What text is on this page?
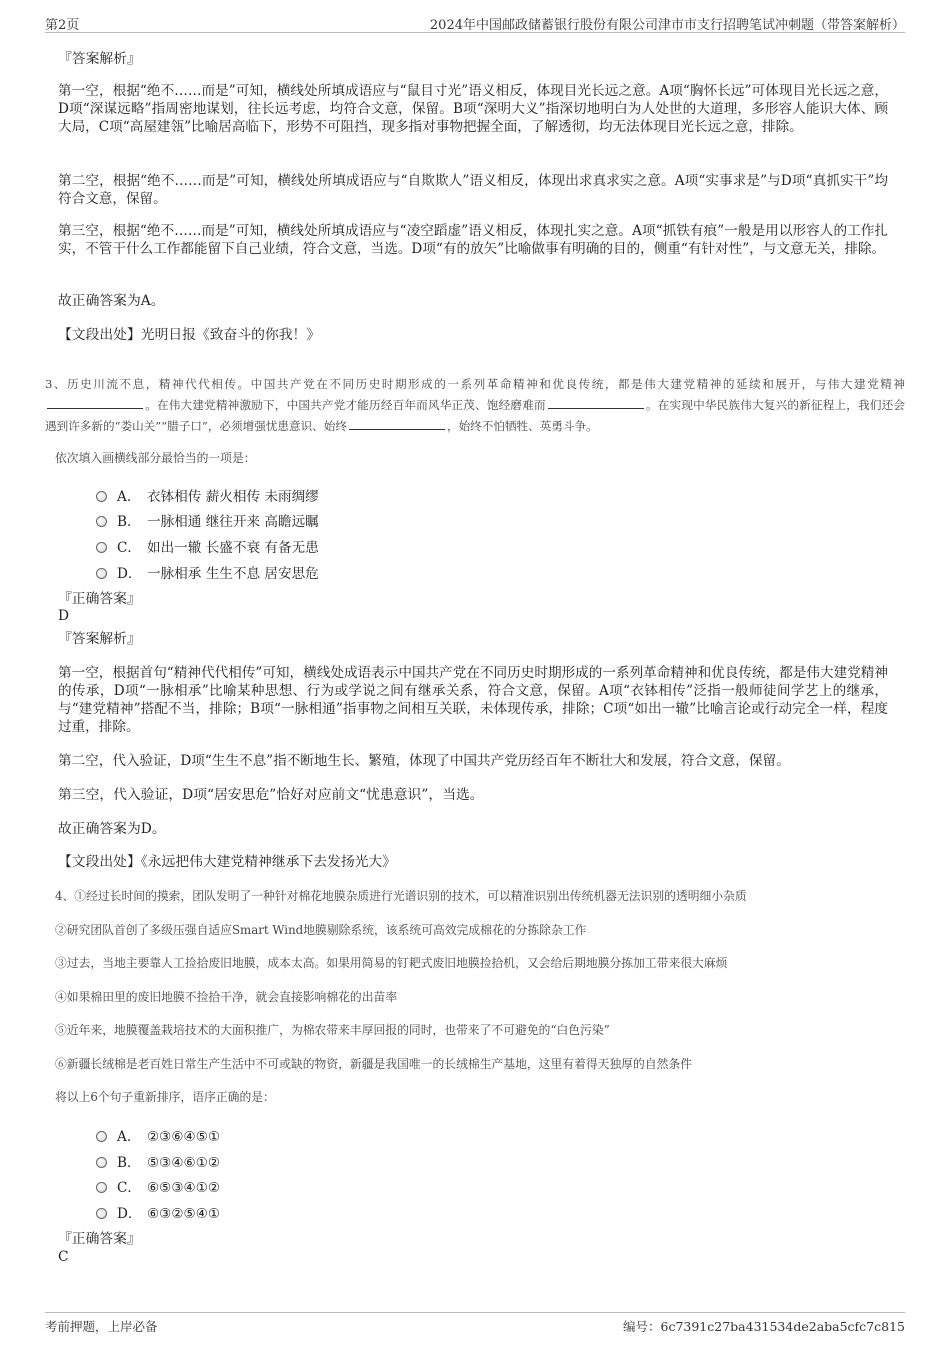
第2页	2024年中国邮政储蓄银行股份有限公司津市市支行招聘笔试冲刺题（带答案解析）
『答案解析』
第一空，根据“绝不……而是”可知，横线处所填成语应与“鼠目寸光”语义相反，体现目光长远之意。A项“胸怀长远”可体现目光长远之意，D项“深谋远略”指周密地谋划，往长远考虑，均符合文意，保留。B项“深明大义”指深切地明白为人处世的大道理，多形容人能识大体、顾大局，C项“高屋建瓴”比喻居高临下，形势不可阻挡，现多指对事物把握全面，了解透彻，均无法体现目光长远之意，排除。
第二空，根据“绝不……而是”可知，横线处所填成语应与“自欺欺人”语义相反，体现出求真求实之意。A项“实事求是”与D项“真抓实干”均符合文意，保留。
第三空，根据“绝不……而是”可知，横线处所填成语应与“凌空蹈虚”语义相反，体现扎实之意。A项“抓铁有痕”一般是用以形容人的工作扎实，不管干什么工作都能留下自己业绩，符合文意，当选。D项“有的放矢”比喻做事有明确的目的，侧重“有针对性”，与文意无关，排除。
故正确答案为A。
【文段出处】光明日报《致奋斗的你我！》
3、历史川流不息，精神代代相传。中国共产党在不同历史时期形成的一系列革命精神和优良传统，都是伟大建党精神的延续和展开，与伟大建党精神。在伟大建党精神激励下，中国共产党才能历经百年而风华正茂、饱经磨难而	。在实现中华民族伟大复兴的新征程上，我们还会遇到许多新的“娄山关”“腊子口”，必须增强忧患意识、始终	，始终不怕牺牲、英勇斗争。
依次填入画横线部分最恰当的一项是：
A． 衣钵相传 薪火相传 未雨绸缪
B． 一脉相通 继往开来 高瞻远瞩
C． 如出一辙 长盛不衰 有备无患
D． 一脉相承 生生不息 居安思危
『正确答案』
D
『答案解析』
第一空，根据首句“精神代代相传”可知，横线处成语表示中国共产党在不同历史时期形成的一系列革命精神和优良传统，都是伟大建党精神的传承，D项“一脉相承”比喻某种思想、行为或学说之间有继承关系，符合文意，保留。A项“衣钵相传”泛指一般师徒间学艺上的继承，与“建党精神”搭配不当，排除；B项“一脉相通”指事物之间相互关联，未体现传承，排除；C项“如出一辙”比喻言论或行动完全一样，程度过重，排除。
第二空，代入验证，D项“生生不息”指不断地生长、繁殖，体现了中国共产党历经百年不断壮大和发展，符合文意，保留。
第三空，代入验证，D项“居安思危”恰好对应前文“忧患意识”，当选。
故正确答案为D。
【文段出处】《永远把伟大建党精神继承下去发扬光大》
4、①经过长时间的摸索，团队发明了一种针对棉花地膜杂质进行光谱识别的技术，可以精准识别出传统机器无法识别的透明细小杂质
②研究团队首创了多级压强自适应Smart Wind地膜剔除系统，该系统可高效完成棉花的分拣除杂工作
③过去，当地主要靠人工捡拾废旧地膜，成本太高。如果用简易的钉耙式废旧地膜捡拾机，又会给后期地膜分拣加工带来很大麻烦
④如果棉田里的废旧地膜不捡拾干净，就会直接影响棉花的出苗率
⑤近年来，地膜覆盖栽培技术的大面积推广，为棉农带来丰厚回报的同时，也带来了不可避免的“白色污染”
⑥新疆长绒棉是老百姓日常生产生活中不可或缺的物资，新疆是我国唯一的长绒棉生产基地，这里有着得天独厚的自然条件
将以上6个句子重新排序，语序正确的是：
A． ②③⑥④⑤①
B． ⑤③④⑥①②
C． ⑥⑤③④①②
D． ⑥③②⑤④①
『正确答案』
C
考前押题，上岸必备	编号：6c7391c27ba431534de2aba5cfc7c815
